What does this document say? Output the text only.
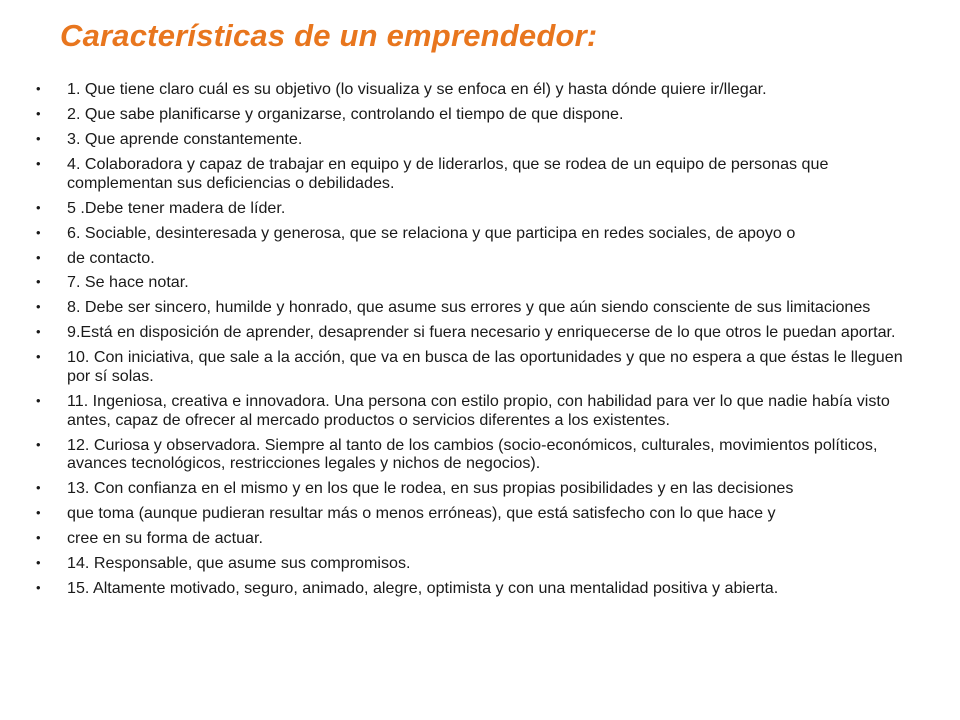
Características de un emprendedor:
• 1. Que tiene claro cuál es su objetivo (lo visualiza y se enfoca en él) y hasta dónde quiere ir/llegar.
• 2. Que sabe planificarse y organizarse, controlando el tiempo de que dispone.
• 3. Que aprende constantemente.
• 4. Colaboradora y capaz de trabajar en equipo y de liderarlos, que se rodea de un equipo de personas que complementan sus deficiencias o debilidades.
• 5 .Debe tener madera de líder.
• 6. Sociable, desinteresada y generosa, que se relaciona y que participa en redes sociales, de apoyo o
• de contacto.
• 7. Se hace notar.
• 8. Debe ser sincero, humilde y honrado, que asume sus errores y que aún siendo consciente de sus limitaciones
• 9.Está en disposición de aprender, desaprender si fuera necesario y enriquecerse de lo que otros le puedan aportar.
• 10. Con iniciativa, que sale a la acción, que va en busca de las oportunidades y que no espera a que éstas le lleguen por sí solas.
• 11. Ingeniosa, creativa e innovadora. Una persona con estilo propio, con habilidad para ver lo que nadie había visto antes, capaz de ofrecer al mercado productos o servicios diferentes a los existentes.
• 12. Curiosa y observadora. Siempre al tanto de los cambios (socio-económicos, culturales, movimientos políticos, avances tecnológicos, restricciones legales y nichos de negocios).
• 13. Con confianza en el mismo y en los que le rodea, en sus propias posibilidades y en las decisiones
• que toma (aunque pudieran resultar más o menos erróneas), que está satisfecho con lo que hace y
• cree en su forma de actuar.
• 14. Responsable, que asume sus compromisos.
• 15. Altamente motivado, seguro, animado, alegre, optimista y con una mentalidad positiva y abierta.
